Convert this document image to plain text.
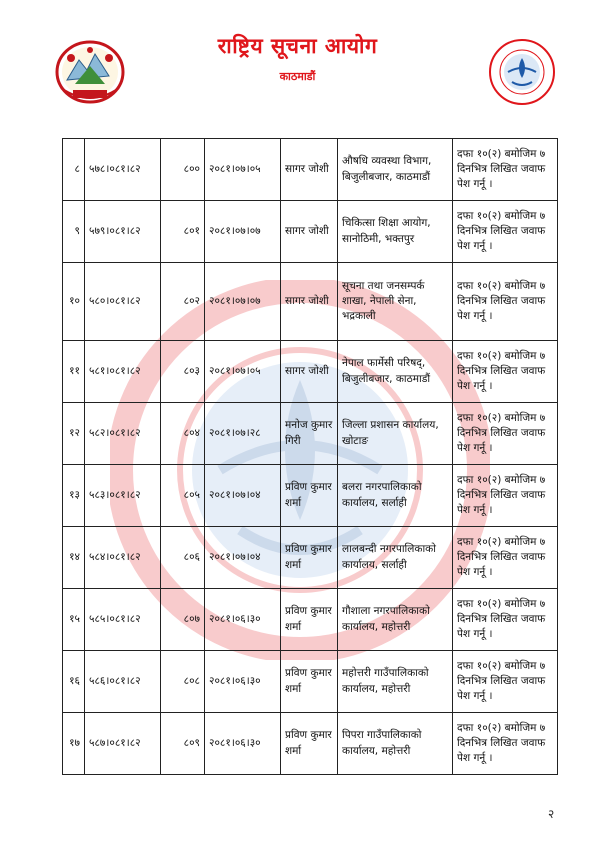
राष्ट्रिय सूचना आयोग
काठमाडौं
८	५७८।०८१।८२	८००	२०८१।०७।०५	सागर जोशी	औषधि व्यवस्था विभाग, बिजुलीबजार, काठमाडौं	दफा १०(२) बमोजिम ७ दिनभित्र लिखित जवाफ पेश गर्नू ।
९	५७९।०८१।८२	८०१	२०८१।०७।०७	सागर जोशी	चिकित्सा शिक्षा आयोग, सानोठिमी, भक्तपुर	दफा १०(२) बमोजिम ७ दिनभित्र लिखित जवाफ पेश गर्नू ।
१०	५८०।०८१।८२	८०२	२०८१।०७।०७	सागर जोशी	सूचना तथा जनसम्पर्क शाखा, नेपाली सेना, भद्रकाली	दफा १०(२) बमोजिम ७ दिनभित्र लिखित जवाफ पेश गर्नू ।
११	५८१।०८१।८२	८०३	२०८१।०७।०५	सागर जोशी	नेपाल फार्मेसी परिषद्, बिजुलीबजार, काठमाडौं	दफा १०(२) बमोजिम ७ दिनभित्र लिखित जवाफ पेश गर्नू ।
१२	५८२।०८१।८२	८०४	२०८१।०७।२८	मनोज कुमार गिरी	जिल्ला प्रशासन कार्यालय, खोटाङ	दफा १०(२) बमोजिम ७ दिनभित्र लिखित जवाफ पेश गर्नू ।
१३	५८३।०८१।८२	८०५	२०८१।०७।०४	प्रविण कुमार शर्मा	बलरा नगरपालिकाको कार्यालय, सर्लाही	दफा १०(२) बमोजिम ७ दिनभित्र लिखित जवाफ पेश गर्नू ।
१४	५८४।०८१।८२	८०६	२०८१।०७।०४	प्रविण कुमार शर्मा	लालबन्दी नगरपालिकाको कार्यालय, सर्लाही	दफा १०(२) बमोजिम ७ दिनभित्र लिखित जवाफ पेश गर्नू ।
१५	५८५।०८१।८२	८०७	२०८१।०६।३०	प्रविण कुमार शर्मा	गौशाला नगरपालिकाको कार्यालय, महोत्तरी	दफा १०(२) बमोजिम ७ दिनभित्र लिखित जवाफ पेश गर्नू ।
१६	५८६।०८१।८२	८०८	२०८१।०६।३०	प्रविण कुमार शर्मा	महोत्तरी गाउँपालिकाको कार्यालय, महोत्तरी	दफा १०(२) बमोजिम ७ दिनभित्र लिखित जवाफ पेश गर्नू ।
१७	५८७।०८१।८२	८०९	२०८१।०६।३०	प्रविण कुमार शर्मा	पिपरा गाउँपालिकाको कार्यालय, महोत्तरी	दफा १०(२) बमोजिम ७ दिनभित्र लिखित जवाफ पेश गर्नू ।
२
